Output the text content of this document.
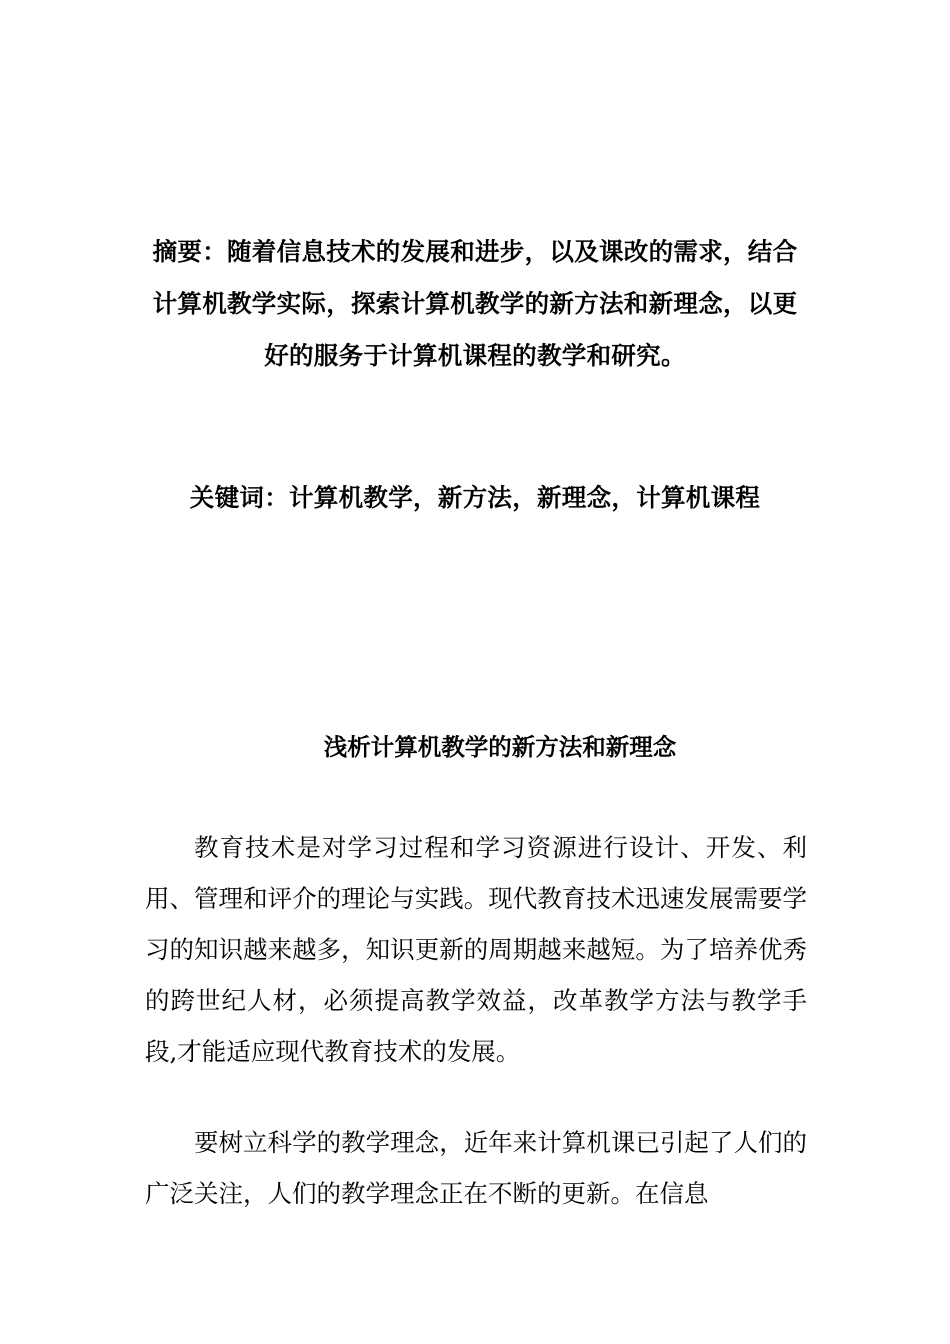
摘要：随着信息技术的发展和进步，以及课改的需求，结合计算机教学实际，探索计算机教学的新方法和新理念，以更好的服务于计算机课程的教学和研究。
关键词：计算机教学，新方法，新理念，计算机课程
浅析计算机教学的新方法和新理念

教育技术是对学习过程和学习资源进行设计、开发、利用、管理和评介的理论与实践。现代教育技术迅速发展需要学习的知识越来越多，知识更新的周期越来越短。为了培养优秀的跨世纪人材，必须提高教学效益，改革教学方法与教学手段,才能适应现代教育技术的发展。

要树立科学的教学理念，近年来计算机课已引起了人们的广泛关注，人们的教学理念正在不断的更新。在信息
